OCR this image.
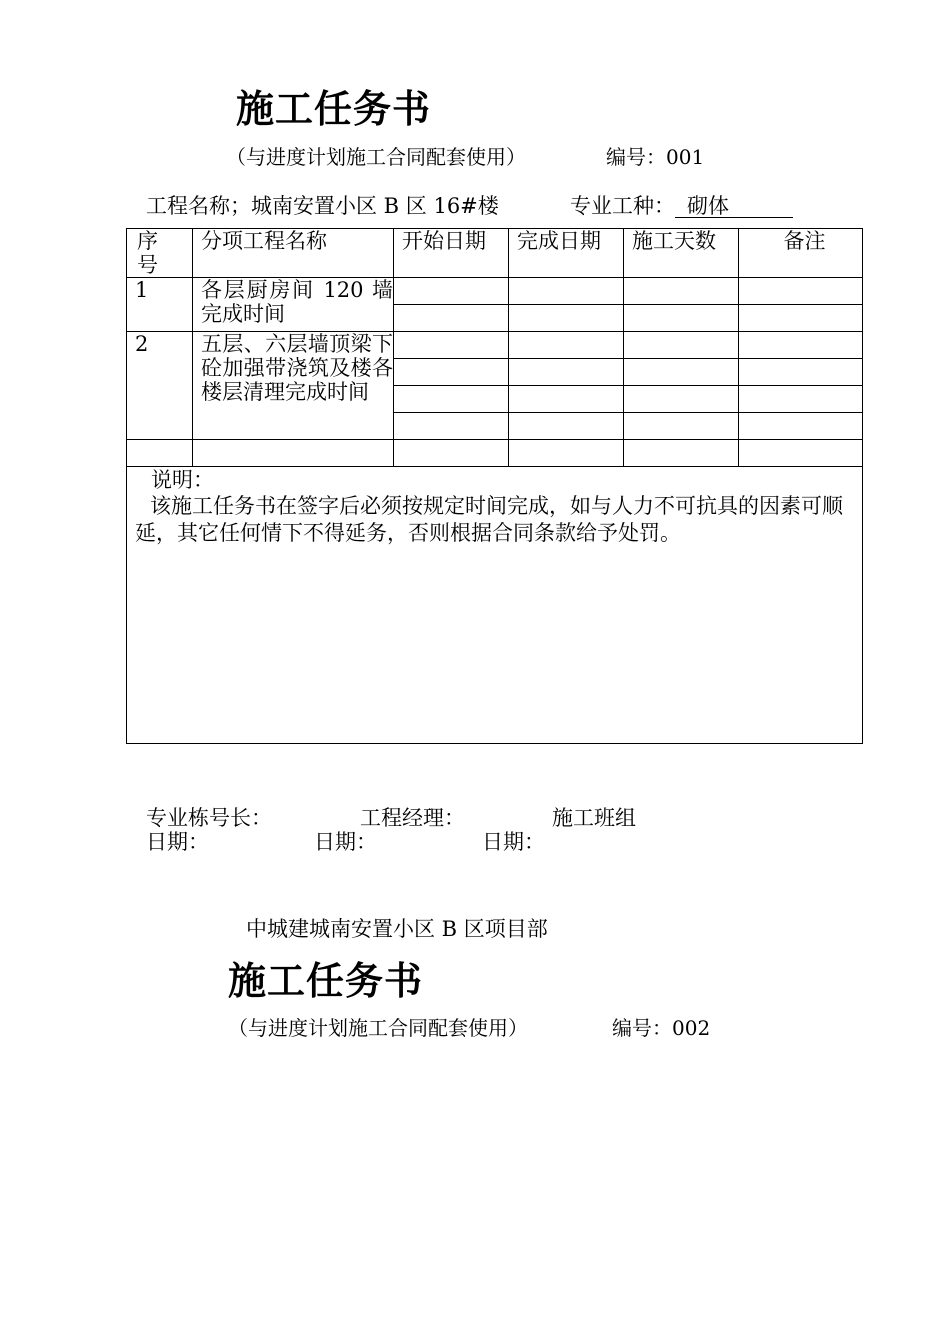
施工任务书
（与进度计划施工合同配套使用）	编号：001
工程名称；城南安置小区 B 区 16#楼	专业工种： 砌体
序号	分项工程名称	开始日期	完成日期	施工天数	备注
1	各层厨房间 120 墙完成时间				

2	五层、六层墙顶梁下砼加强带浇筑及楼各楼层清理完成时间				

说明：
该施工任务书在签字后必须按规定时间完成，如与人力不可抗具的因素可顺延，其它任何情下不得延务，否则根据合同条款给予处罚。					
专业栋号长：	工程经理：	施工班组
日期：	日期：	日期：
中城建城南安置小区 B 区项目部
施工任务书
（与进度计划施工合同配套使用）	编号：002
